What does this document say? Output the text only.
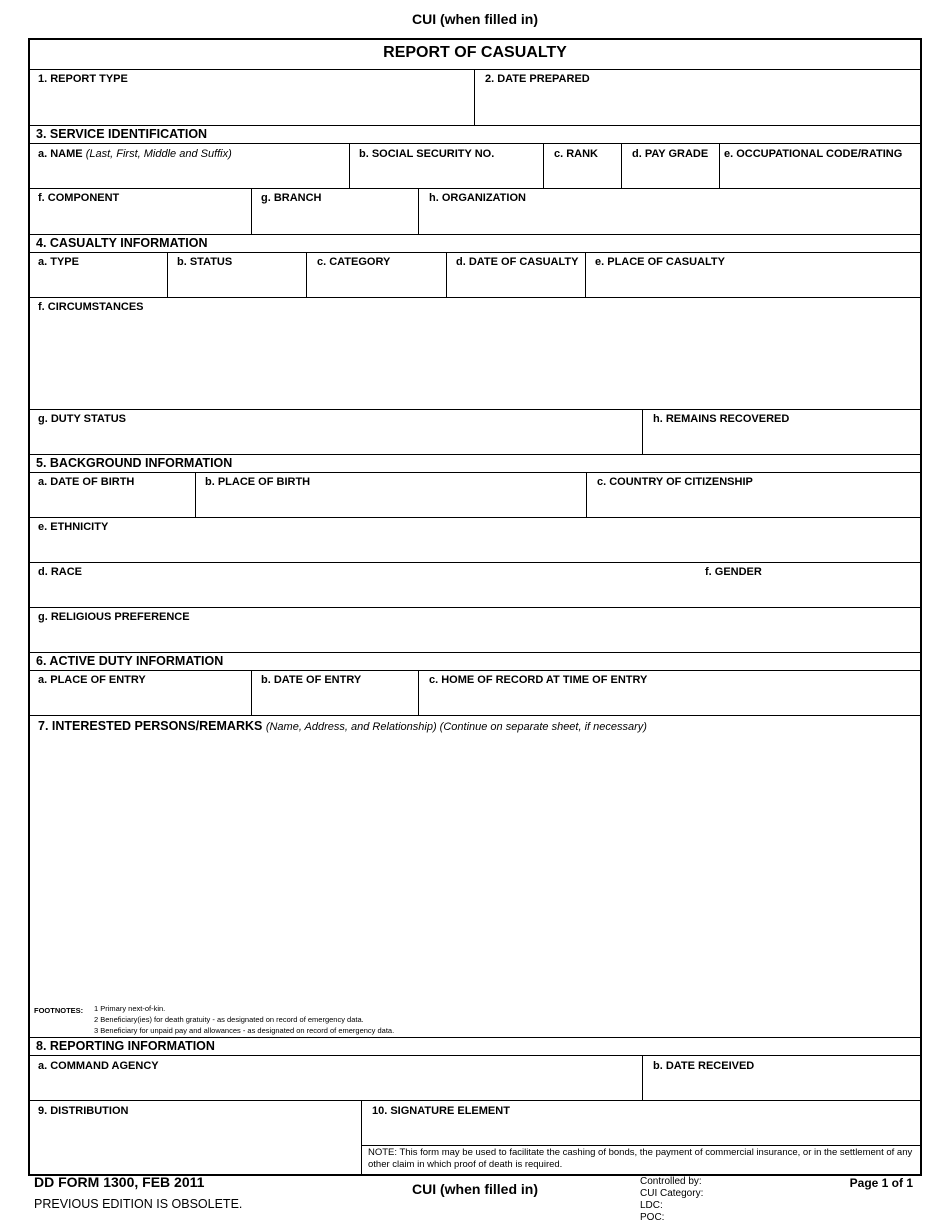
CUI (when filled in)
REPORT OF CASUALTY
1. REPORT TYPE	2. DATE PREPARED
3. SERVICE IDENTIFICATION
a. NAME (Last, First, Middle and Suffix)	b. SOCIAL SECURITY NO.	c. RANK	d. PAY GRADE e. OCCUPATIONAL CODE/RATING
f. COMPONENT	g. BRANCH	h. ORGANIZATION
4. CASUALTY INFORMATION
a. TYPE	b. STATUS	c. CATEGORY	d. DATE OF CASUALTY e. PLACE OF CASUALTY
f. CIRCUMSTANCES
g. DUTY STATUS	h. REMAINS RECOVERED
5. BACKGROUND INFORMATION
a. DATE OF BIRTH	b. PLACE OF BIRTH	c. COUNTRY OF CITIZENSHIP
e. ETHNICITY
d. RACE	f. GENDER
g. RELIGIOUS PREFERENCE
6. ACTIVE DUTY INFORMATION
a. PLACE OF ENTRY	b. DATE OF ENTRY	c. HOME OF RECORD AT TIME OF ENTRY
7. INTERESTED PERSONS/REMARKS (Name, Address, and Relationship) (Continue on separate sheet, if necessary)
FOOTNOTES: 1 Primary next-of-kin.
2 Beneficiary(ies) for death gratuity - as designated on record of emergency data.
3 Beneficiary for unpaid pay and allowances - as designated on record of emergency data.
8. REPORTING INFORMATION
a. COMMAND AGENCY	b. DATE RECEIVED
9. DISTRIBUTION	10. SIGNATURE ELEMENT
NOTE: This form may be used to facilitate the cashing of bonds, the payment of commercial insurance, or in the settlement of any other claim in which proof of death is required.
DD FORM 1300, FEB 2011
PREVIOUS EDITION IS OBSOLETE.
CUI (when filled in)	Controlled by:
CUI Category:
LDC:
POC:
Page 1 of 1
